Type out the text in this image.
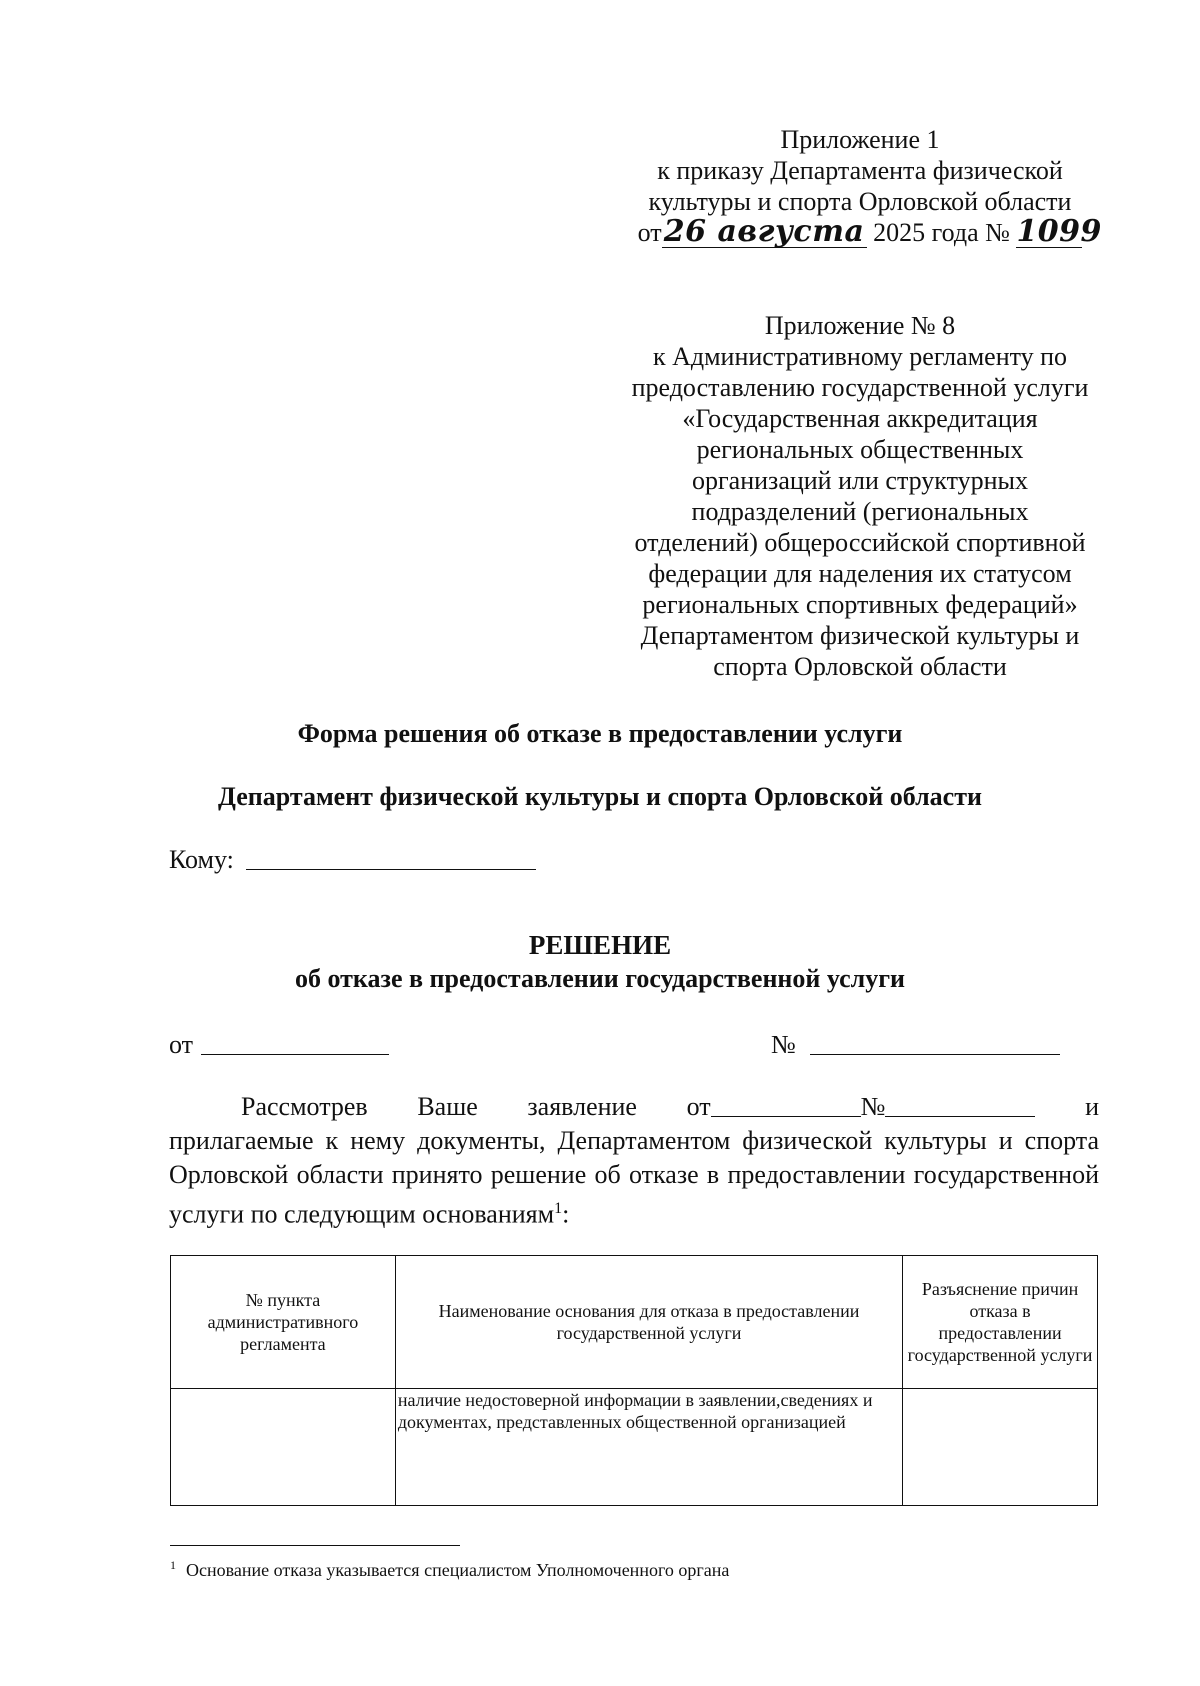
Приложение 1
к приказу Департамента физической
культуры и спорта Орловской области
от26 августа 2025 года № 1099
Приложение № 8
к Административному регламенту по
предоставлению государственной услуги
«Государственная аккредитация
региональных общественных
организаций или структурных
подразделений (региональных
отделений) общероссийской спортивной
федерации для наделения их статусом
региональных спортивных федераций»
Департаментом физической культуры и
спорта Орловской области
Форма решения об отказе в предоставлении услуги
Департамент физической культуры и спорта Орловской области
Кому:
РЕШЕНИЕ
об отказе в предоставлении государственной услуги
от	№
Рассмотрев Ваше заявление от	№	и
прилагаемые к нему документы, Департаментом физической культуры и спорта Орловской области принято решение об отказе в предоставлении государственной услуги по следующим основаниям$^1$:
№ пункта административного регламента	Наименование основания для отказа в предоставлении государственной услуги	Разъяснение причин отказа в предоставлении государственной услуги
	наличие недостоверной информации в заявлении,сведениях и документах, представленных общественной организацией	
$^1$ Основание отказа указывается специалистом Уполномоченного органа
